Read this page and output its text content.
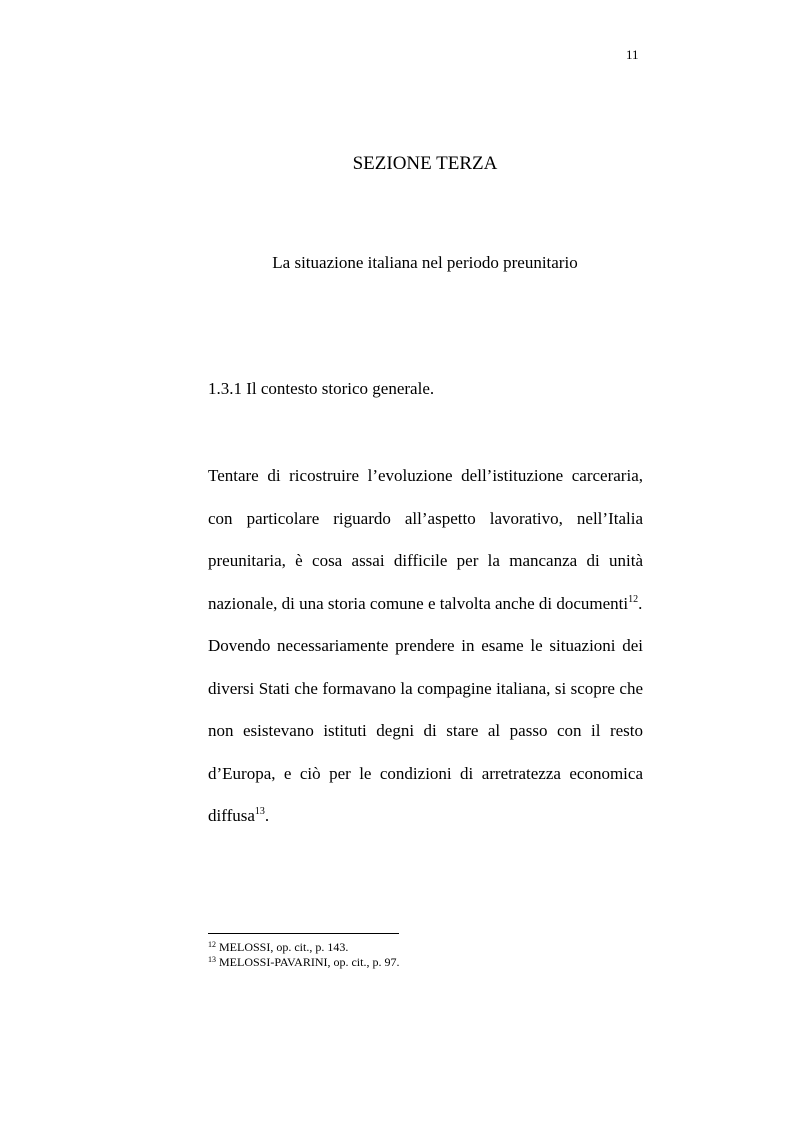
11
SEZIONE TERZA
La situazione italiana nel periodo preunitario
1.3.1 Il contesto storico generale.

Tentare di ricostruire l’evoluzione dell’istituzione carceraria, con particolare riguardo all’aspetto lavorativo, nell’Italia preunitaria, è cosa assai difficile per la mancanza di unità nazionale, di una storia comune e talvolta anche di documenti$^{12}$.

Dovendo necessariamente prendere in esame le situazioni dei diversi Stati che formavano la compagine italiana, si scopre che non esistevano istituti degni di stare al passo con il resto d’Europa, e ciò per le condizioni di arretratezza economica diffusa$^{13}$.

$^{12}$ MELOSSI, op. cit., p. 143.
$^{13}$ MELOSSI-PAVARINI, op. cit., p. 97.
